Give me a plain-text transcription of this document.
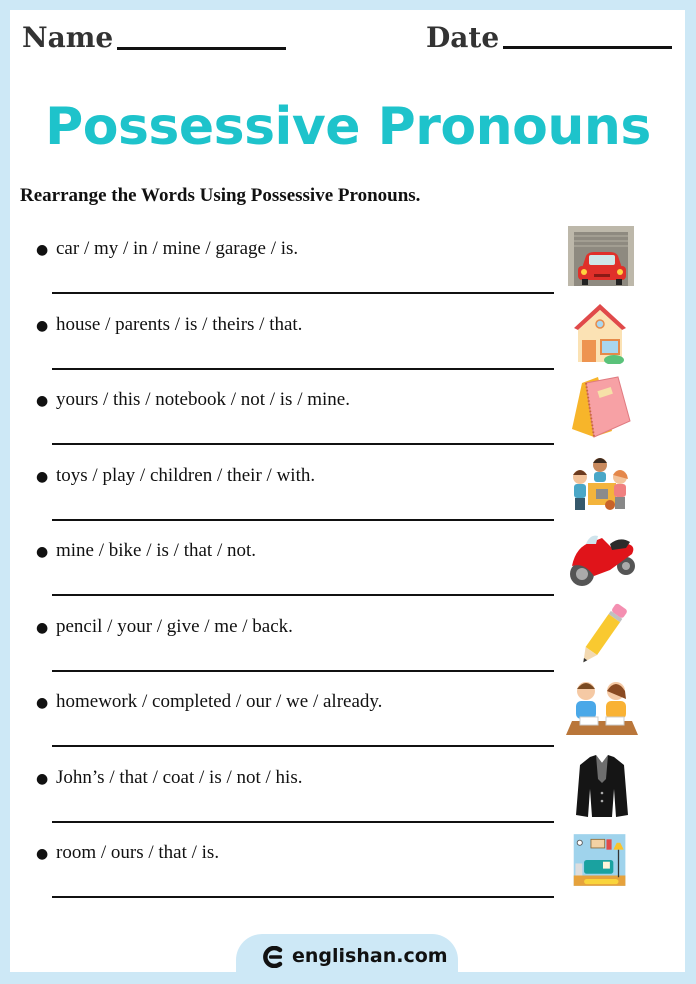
Name	Date
Possessive Pronouns
Rearrange the Words Using Possessive Pronouns.
● car / my / in / mine / garage / is.
● house / parents / is / theirs / that.
● yours / this / notebook / not / is / mine.
● toys / play / children / their / with.
● mine / bike / is / that / not.
● pencil / your / give / me / back.
● homework / completed / our / we / already.
● John’s / that / coat / is / not / his.
● room / ours / that / is.
englishan.com
